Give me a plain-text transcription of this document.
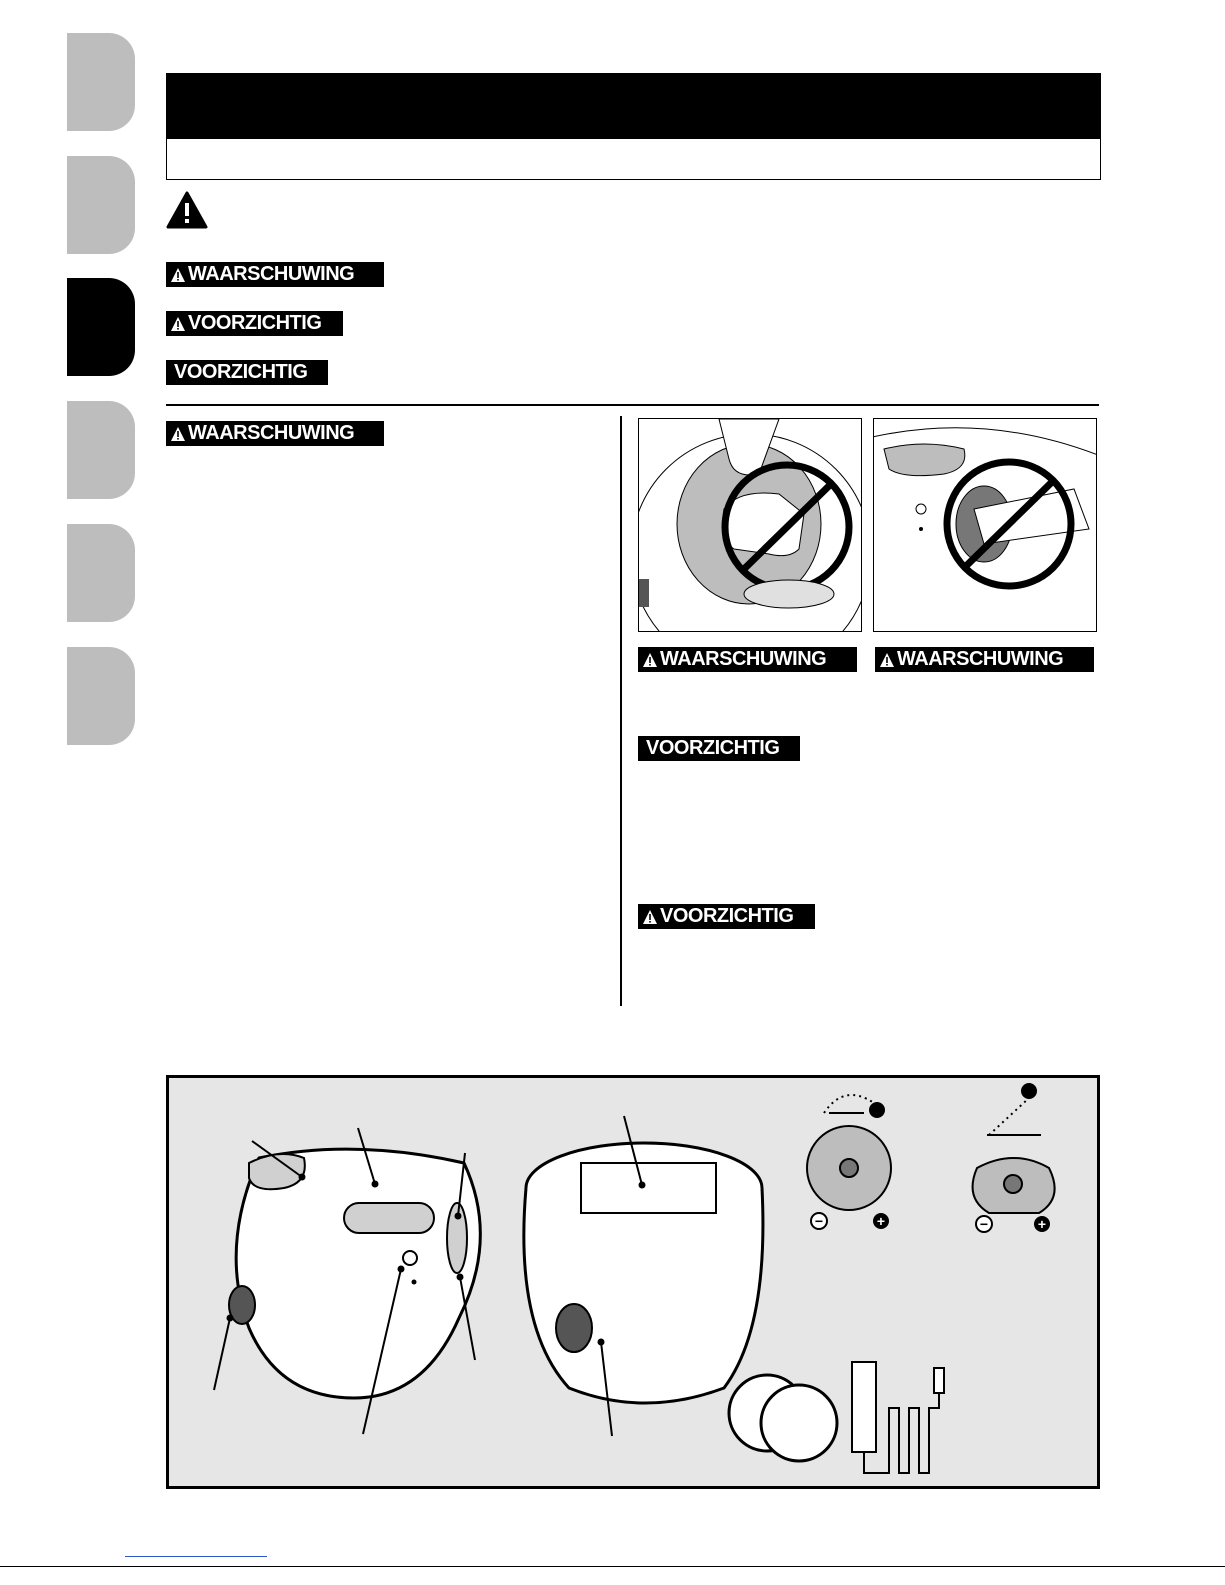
WAARSCHUWING
VOORZICHTIG
VOORZICHTIG
WAARSCHUWING
WAARSCHUWING	WAARSCHUWING
VOORZICHTIG
VOORZICHTIG
−	+	−	+
